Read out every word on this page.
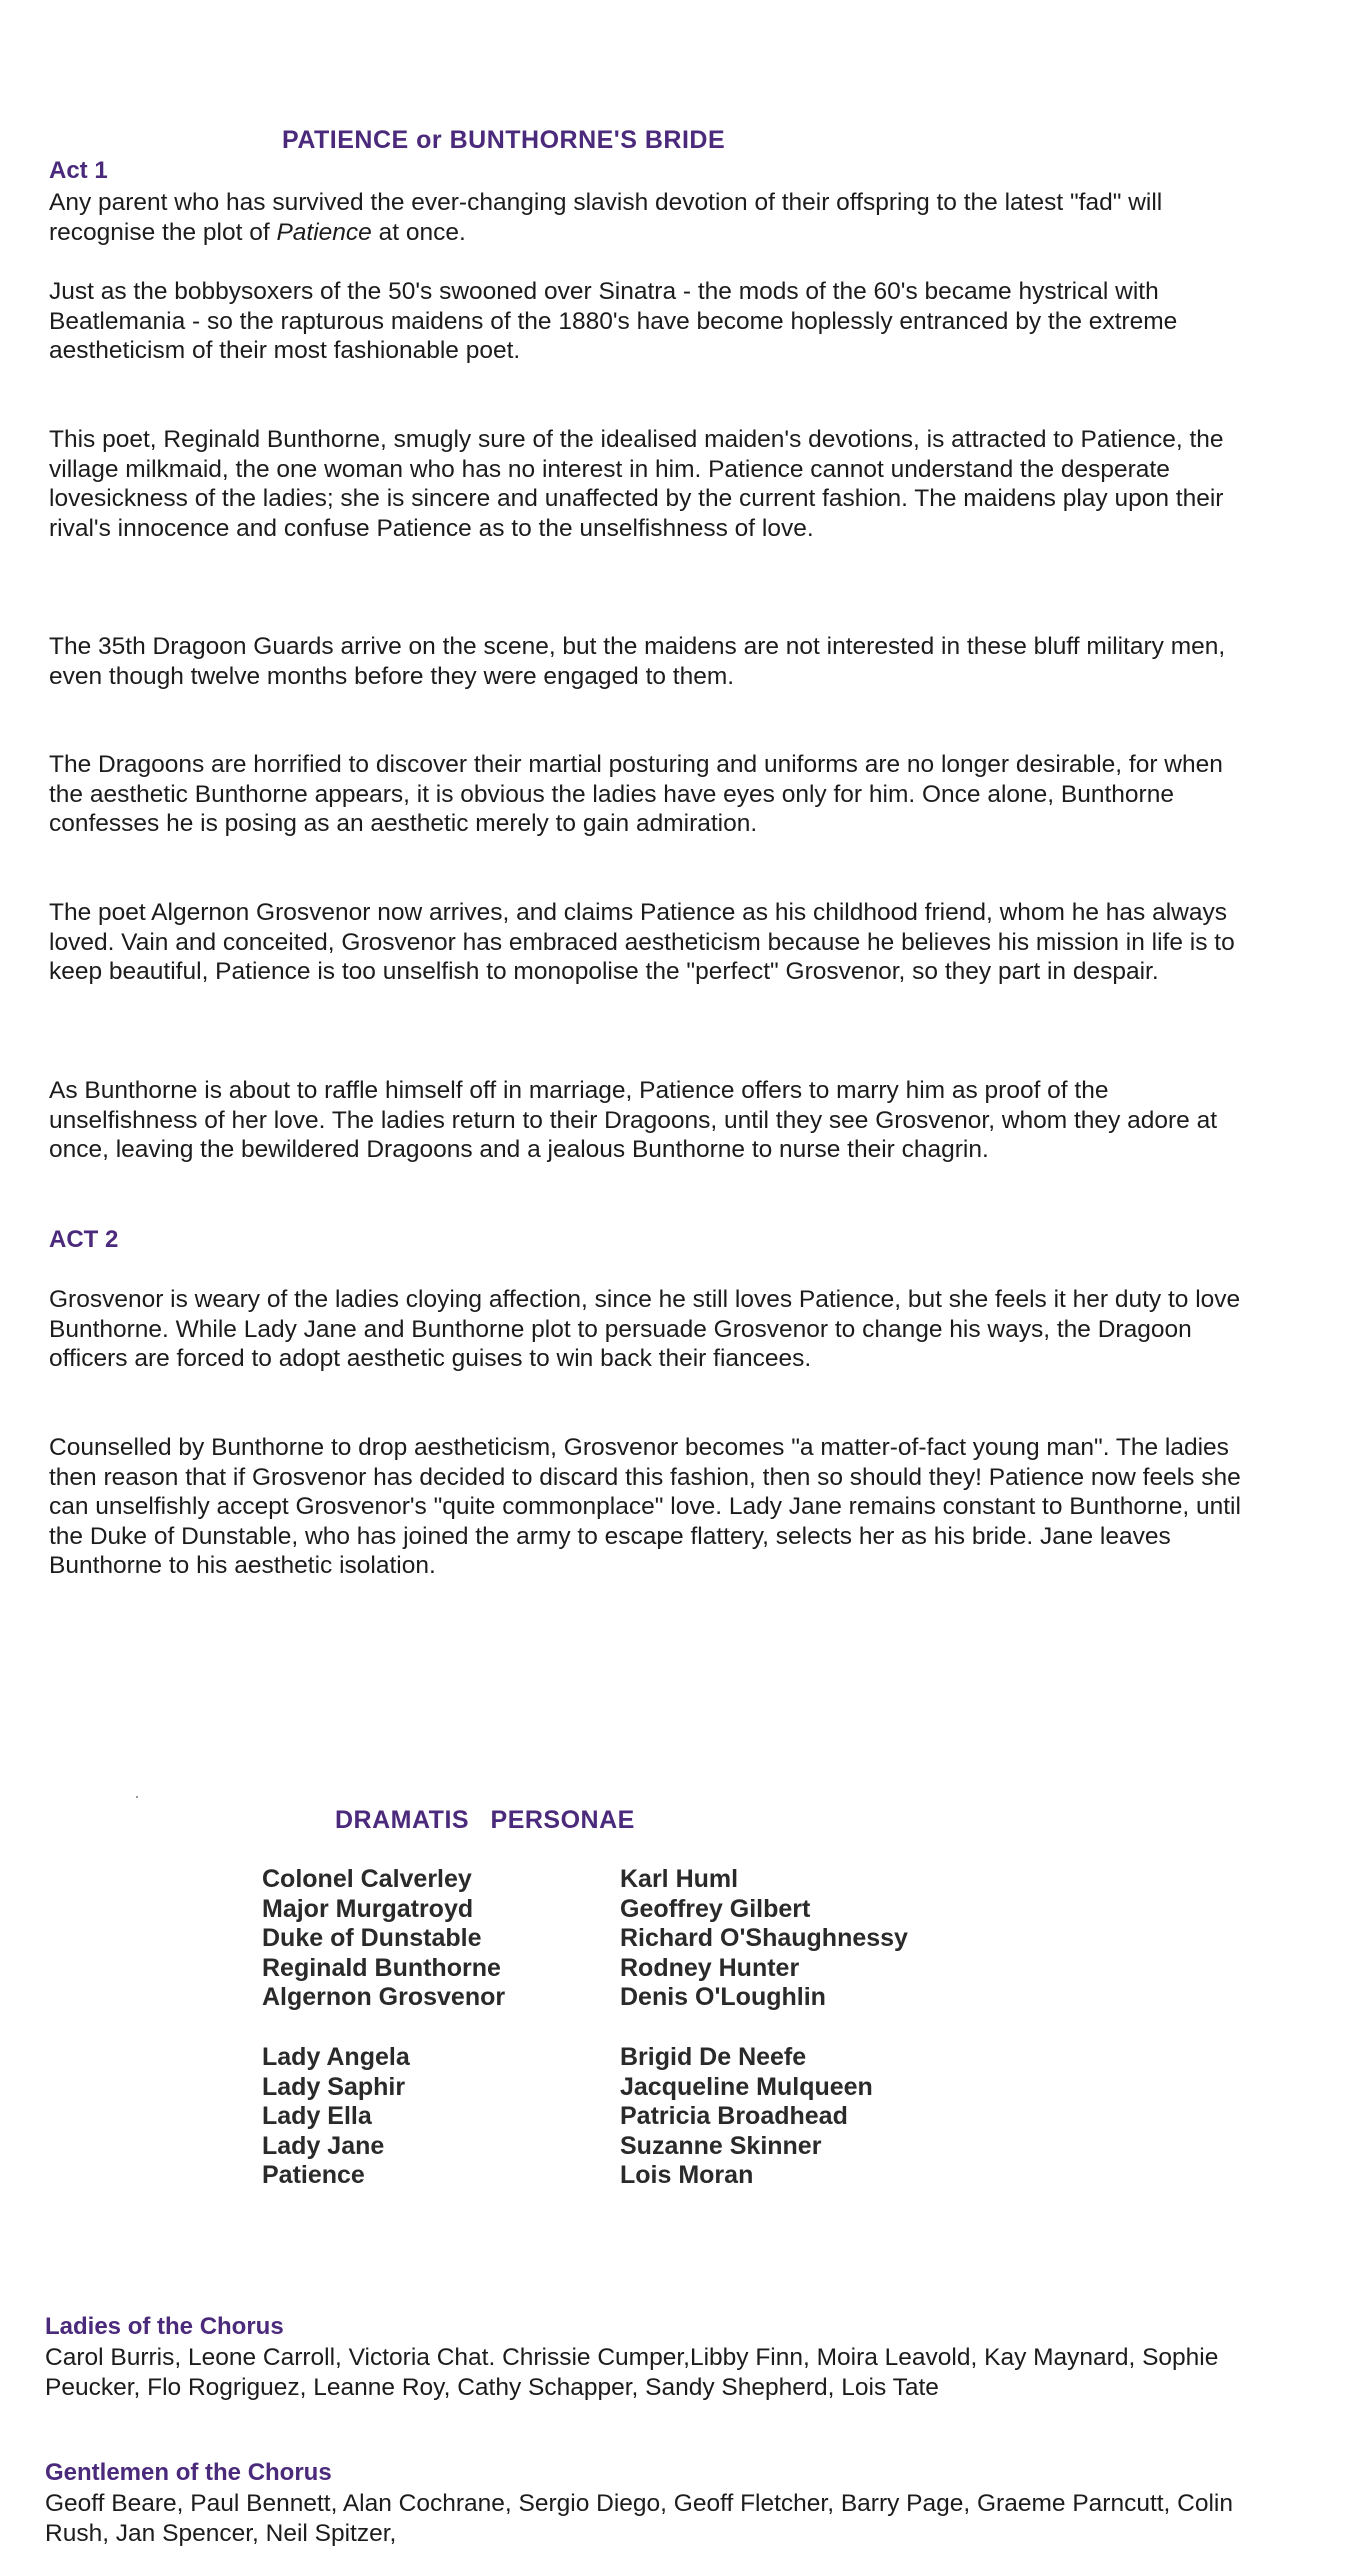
PATIENCE or BUNTHORNE'S BRIDE
Act 1

Any parent who has survived the ever-changing slavish devotion of their offspring to the latest "fad" will recognise the plot of Patience at once.

Just as the bobbysoxers of the 50's swooned over Sinatra - the mods of the 60's became hystrical with Beatlemania - so the rapturous maidens of the 1880's have become hoplessly entranced by the extreme aestheticism of their most fashionable poet.

This poet, Reginald Bunthorne, smugly sure of the idealised maiden's devotions, is attracted to Patience, the village milkmaid, the one woman who has no interest in him. Patience cannot understand the desperate lovesickness of the ladies; she is sincere and unaffected by the current fashion. The maidens play upon their rival's innocence and confuse Patience as to the unselfishness of love.

The 35th Dragoon Guards arrive on the scene, but the maidens are not interested in these bluff military men, even though twelve months before they were engaged to them.

The Dragoons are horrified to discover their martial posturing and uniforms are no longer desirable, for when the aesthetic Bunthorne appears, it is obvious the ladies have eyes only for him. Once alone, Bunthorne confesses he is posing as an aesthetic merely to gain admiration.

The poet Algernon Grosvenor now arrives, and claims Patience as his childhood friend, whom he has always loved. Vain and conceited, Grosvenor has embraced aestheticism because he believes his mission in life is to keep beautiful, Patience is too unselfish to monopolise the "perfect" Grosvenor, so they part in despair.

As Bunthorne is about to raffle himself off in marriage, Patience offers to marry him as proof of the unselfishness of her love. The ladies return to their Dragoons, until they see Grosvenor, whom they adore at once, leaving the bewildered Dragoons and a jealous Bunthorne to nurse their chagrin.

ACT 2

Grosvenor is weary of the ladies cloying affection, since he still loves Patience, but she feels it her duty to love Bunthorne. While Lady Jane and Bunthorne plot to persuade Grosvenor to change his ways, the Dragoon officers are forced to adopt aesthetic guises to win back their fiancees.

Counselled by Bunthorne to drop aestheticism, Grosvenor becomes "a matter-of-fact young man". The ladies then reason that if Grosvenor has decided to discard this fashion, then so should they! Patience now feels she can unselfishly accept Grosvenor's "quite commonplace" love. Lady Jane remains constant to Bunthorne, until the Duke of Dunstable, who has joined the army to escape flattery, selects her as his bride. Jane leaves Bunthorne to his aesthetic isolation.

DRAMATIS PERSONAE
Colonel Calverley	Karl Huml
Major Murgatroyd	Geoffrey Gilbert
Duke of Dunstable	Richard O'Shaughnessy
Reginald Bunthorne	Rodney Hunter
Algernon Grosvenor	Denis O'Loughlin
Lady Angela	Brigid De Neefe
Lady Saphir	Jacqueline Mulqueen
Lady Ella	Patricia Broadhead
Lady Jane	Suzanne Skinner
Patience	Lois Moran
Ladies of the Chorus

Carol Burris, Leone Carroll, Victoria Chat. Chrissie Cumper,Libby Finn, Moira Leavold, Kay Maynard, Sophie Peucker, Flo Rogriguez, Leanne Roy, Cathy Schapper, Sandy Shepherd, Lois Tate

Gentlemen of the Chorus

Geoff Beare, Paul Bennett, Alan Cochrane, Sergio Diego, Geoff Fletcher, Barry Page, Graeme Parncutt, Colin Rush, Jan Spencer, Neil Spitzer,
